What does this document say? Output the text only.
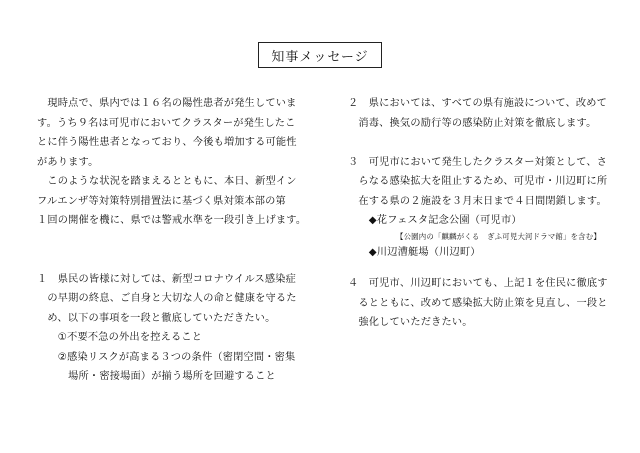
知事メッセージ
　現時点で、県内では１６名の陽性患者が発生していま
す。うち９名は可児市においてクラスターが発生したこ
とに伴う陽性患者となっており、今後も増加する可能性
があります。
　このような状況を踏まえるとともに、本日、新型イン
フルエンザ等対策特別措置法に基づく県対策本部の第
１回の開催を機に、県では警戒水準を一段引き上げます。
１　県民の皆様に対しては、新型コロナウイルス感染症
　の早期の終息、ご自身と大切な人の命と健康を守るた
　め、以下の事項を一段と徹底していただきたい。
　　①不要不急の外出を控えること
　　②感染リスクが高まる３つの条件（密閉空間・密集
　　　場所・密接場面）が揃う場所を回避すること
２　県においては、すべての県有施設について、改めて
　消毒、換気の励行等の感染防止対策を徹底します。
３　可児市において発生したクラスター対策として、さ
　らなる感染拡大を阻止するため、可児市・川辺町に所
　在する県の２施設を３月末日まで４日間閉鎖します。
　　◆花フェスタ記念公園（可児市）
【公園内の「麒麟がくる　ぎふ可児大河ドラマ館」を含む】
　　◆川辺漕艇場（川辺町）
４　可児市、川辺町においても、上記１を住民に徹底す
　るとともに、改めて感染拡大防止策を見直し、一段と
　強化していただきたい。
